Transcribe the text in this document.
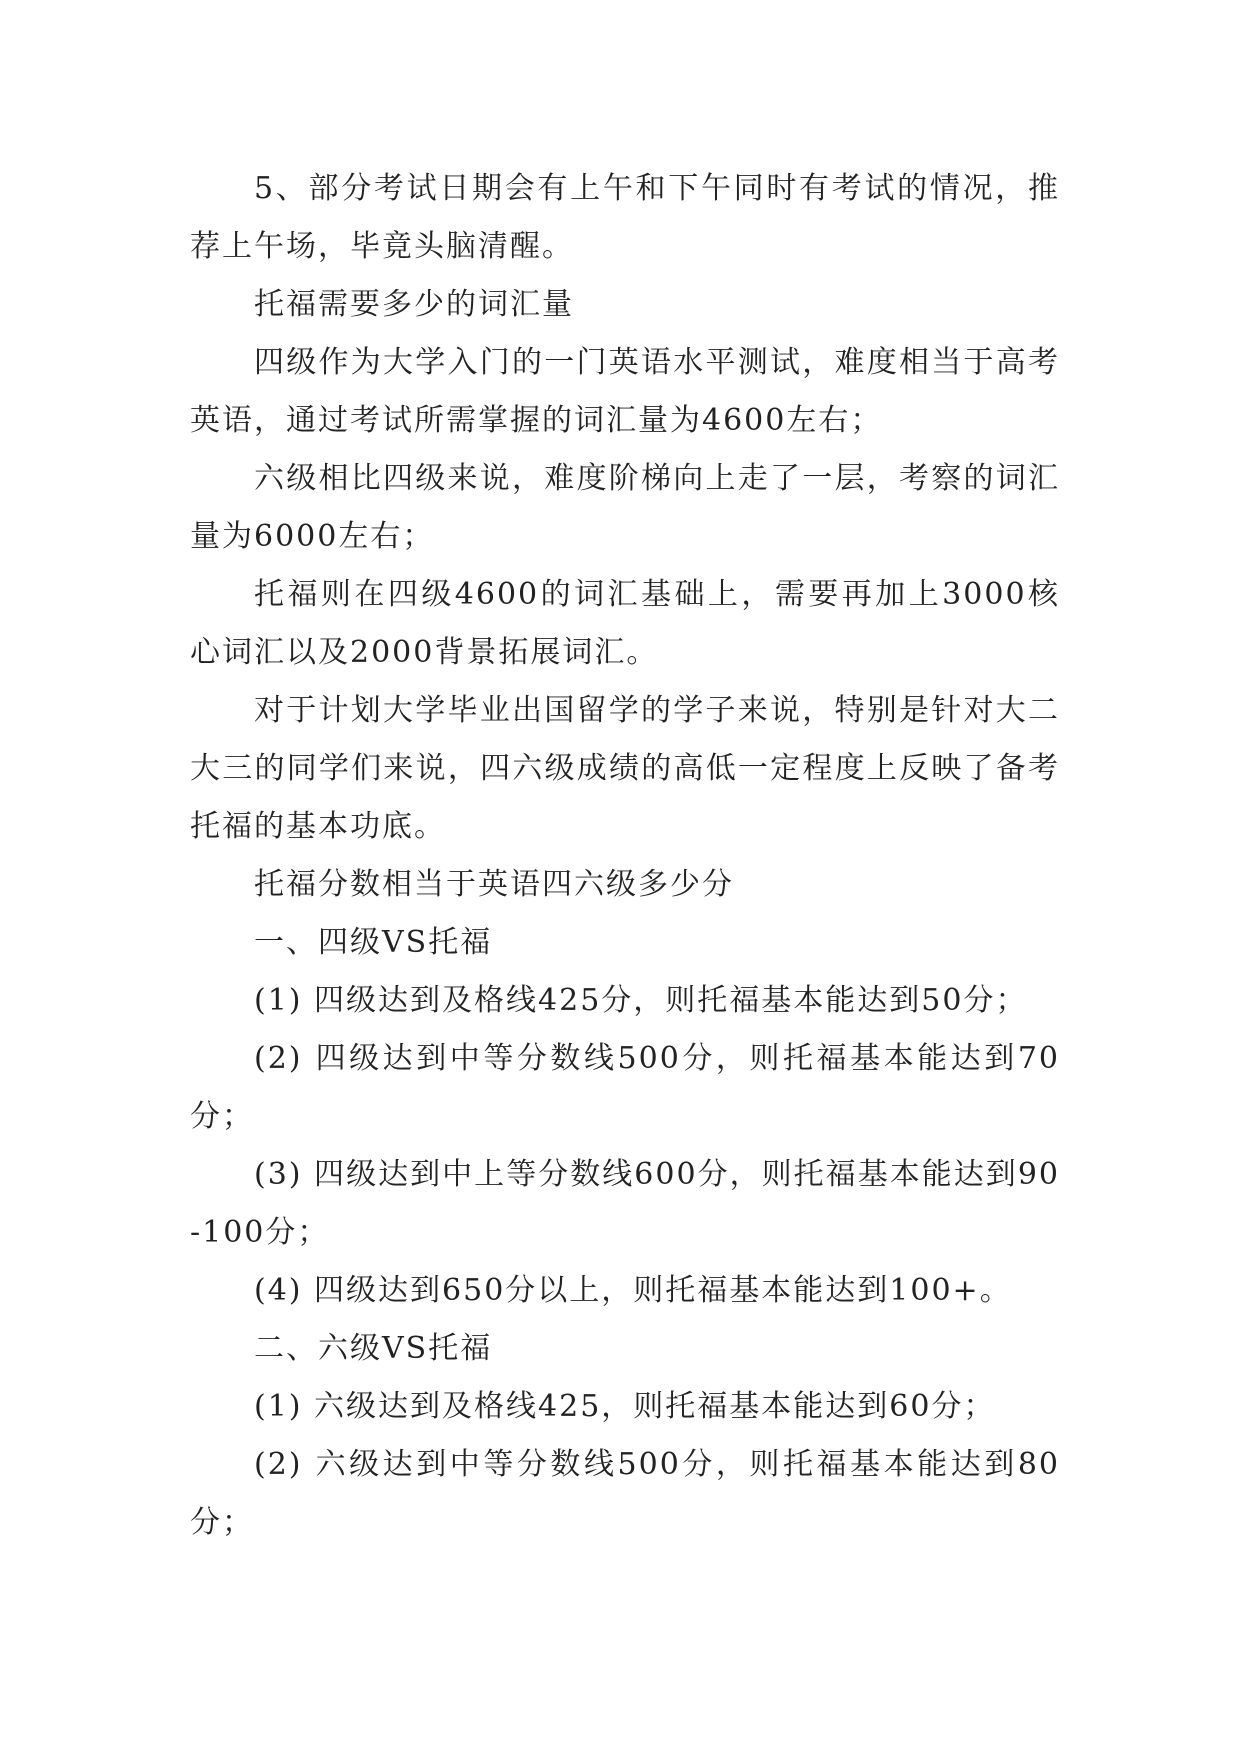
5、部分考试日期会有上午和下午同时有考试的情况，推荐上午场，毕竟头脑清醒。

托福需要多少的词汇量

四级作为大学入门的一门英语水平测试，难度相当于高考英语，通过考试所需掌握的词汇量为4600左右；

六级相比四级来说，难度阶梯向上走了一层，考察的词汇量为6000左右；

托福则在四级4600的词汇基础上，需要再加上3000核心词汇以及2000背景拓展词汇。

对于计划大学毕业出国留学的学子来说，特别是针对大二大三的同学们来说，四六级成绩的高低一定程度上反映了备考托福的基本功底。

托福分数相当于英语四六级多少分

一、四级VS托福

(1) 四级达到及格线425分，则托福基本能达到50分；

(2) 四级达到中等分数线500分，则托福基本能达到70分；

(3) 四级达到中上等分数线600分，则托福基本能达到90-100分；

(4) 四级达到650分以上，则托福基本能达到100+。

二、六级VS托福

(1) 六级达到及格线425，则托福基本能达到60分；

(2) 六级达到中等分数线500分，则托福基本能达到80分；
